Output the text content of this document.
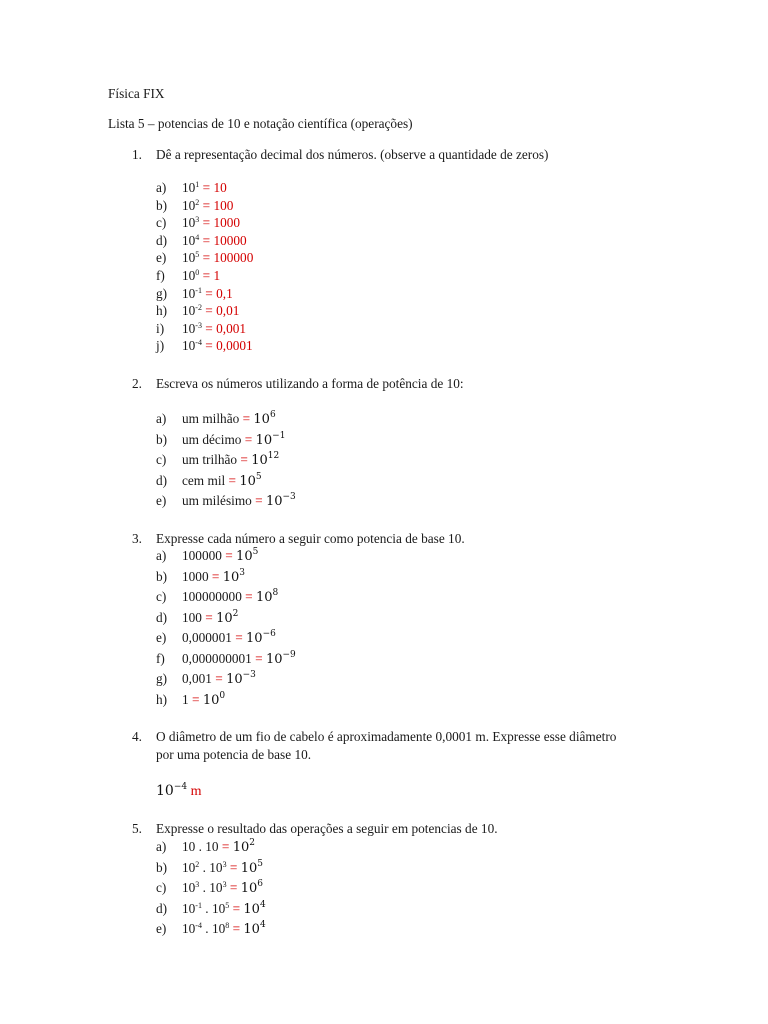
Física FIX
Lista 5 – potencias de 10 e notação científica (operações)
1. Dê a representação decimal dos números. (observe a quantidade de zeros)
a) $10^1 = 10$
b) $10^2 = 100$
c) $10^3 = 1000$
d) $10^4 = 10000$
e) $10^5 = 100000$
f) $10^0 = 1$
g) $10^{-1} = 0,1$
h) $10^{-2} = 0,01$
i) $10^{-3} = 0,001$
j) $10^{-4} = 0,0001$
2. Escreva os números utilizando a forma de potência de 10:
a) um milhão = $10^6$
b) um décimo = $10^{-1}$
c) um trilhão = $10^{12}$
d) cem mil = $10^5$
e) um milésimo = $10^{-3}$
3. Expresse cada número a seguir como potencia de base 10.
a) $100000 = 10^5$
b) $1000 = 10^3$
c) $100000000 = 10^8$
d) $100 = 10^2$
e) $0,000001 = 10^{-6}$
f) $0,000000001 = 10^{-9}$
g) $0,001 = 10^{-3}$
h) $1 = 10^0$
4. O diâmetro de um fio de cabelo é aproximadamente 0,0001 m. Expresse esse diâmetro
por uma potencia de base 10.
$10^{-4}$ m
5. Expresse o resultado das operações a seguir em potencias de 10.
a) 10 . $10 = 10^2$
b) $10^2$ . $10^3 = 10^5$
c) $10^3$ . $10^3 = 10^6$
d) $10^{-1}$ . $10^5 = 10^4$
e) $10^{-4}$ . $10^8 = 10^4$
